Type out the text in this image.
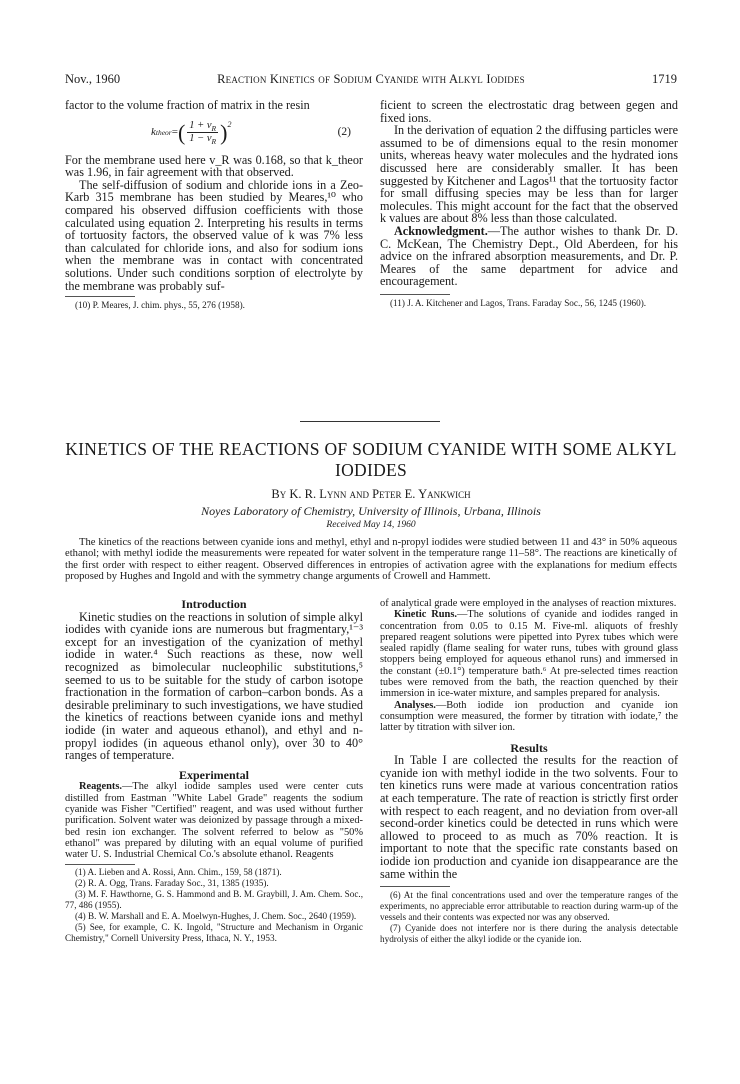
Nov., 1960	Reaction Kinetics of Sodium Cyanide with Alkyl Iodides	1719

factor to the volume fraction of matrix in the resin

k theor = ( $\frac{1 + v_R}{1 - v_R} )^2$
(2)

For the membrane used here v_R was 0.168, so that k_theor was 1.96, in fair agreement with that observed.

The self-diffusion of sodium and chloride ions in a Zeo-Karb 315 membrane has been studied by Meares,¹⁰ who compared his observed diffusion coefficients with those calculated using equation 2. Interpreting his results in terms of tortuosity factors, the observed value of k was 7% less than calculated for chloride ions, and also for sodium ions when the membrane was in contact with concentrated solutions. Under such conditions sorption of electrolyte by the membrane was probably suf-

(10) P. Meares, J. chim. phys., 55, 276 (1958).

ficient to screen the electrostatic drag between gegen and fixed ions.

In the derivation of equation 2 the diffusing particles were assumed to be of dimensions equal to the resin monomer units, whereas heavy water molecules and the hydrated ions discussed here are considerably smaller. It has been suggested by Kitchener and Lagos¹¹ that the tortuosity factor for small diffusing species may be less than for larger molecules. This might account for the fact that the observed k values are about 8% less than those calculated.

Acknowledgment.—The author wishes to thank Dr. D. C. McKean, The Chemistry Dept., Old Aberdeen, for his advice on the infrared absorption measurements, and Dr. P. Meares of the same department for advice and encouragement.

(11) J. A. Kitchener and Lagos, Trans. Faraday Soc., 56, 1245 (1960).

KINETICS OF THE REACTIONS OF SODIUM CYANIDE WITH SOME ALKYL IODIDES
By K. R. Lynn and Peter E. Yankwich
Noyes Laboratory of Chemistry, University of Illinois, Urbana, Illinois
Received May 14, 1960

The kinetics of the reactions between cyanide ions and methyl, ethyl and n-propyl iodides were studied between 11 and 43° in 50% aqueous ethanol; with methyl iodide the measurements were repeated for water solvent in the temperature range 11–58°. The reactions are kinetically of the first order with respect to either reagent. Observed differences in entropies of activation agree with the explanations for medium effects proposed by Hughes and Ingold and with the symmetry change arguments of Crowell and Hammett.

Introduction

Kinetic studies on the reactions in solution of simple alkyl iodides with cyanide ions are numerous but fragmentary,¹⁻³ except for an investigation of the cyanization of methyl iodide in water.⁴ Such reactions as these, now well recognized as bimolecular nucleophilic substitutions,⁵ seemed to us to be suitable for the study of carbon isotope fractionation in the formation of carbon–carbon bonds. As a desirable preliminary to such investigations, we have studied the kinetics of reactions between cyanide ions and methyl iodide (in water and aqueous ethanol), and ethyl and n-propyl iodides (in aqueous ethanol only), over 30 to 40° ranges of temperature.

Experimental

Reagents.—The alkyl iodide samples used were center cuts distilled from Eastman "White Label Grade" reagents the sodium cyanide was Fisher "Certified" reagent, and was used without further purification. Solvent water was deionized by passage through a mixed-bed resin ion exchanger. The solvent referred to below as "50% ethanol" was prepared by diluting with an equal volume of purified water U. S. Industrial Chemical Co.'s absolute ethanol. Reagents

(1) A. Lieben and A. Rossi, Ann. Chim., 159, 58 (1871).

(2) R. A. Ogg, Trans. Faraday Soc., 31, 1385 (1935).

(3) M. F. Hawthorne, G. S. Hammond and B. M. Graybill, J. Am. Chem. Soc., 77, 486 (1955).

(4) B. W. Marshall and E. A. Moelwyn-Hughes, J. Chem. Soc., 2640 (1959).

(5) See, for example, C. K. Ingold, "Structure and Mechanism in Organic Chemistry," Cornell University Press, Ithaca, N. Y., 1953.

of analytical grade were employed in the analyses of reaction mixtures.

Kinetic Runs.—The solutions of cyanide and iodides ranged in concentration from 0.05 to 0.15 M. Five-ml. aliquots of freshly prepared reagent solutions were pipetted into Pyrex tubes which were sealed rapidly (flame sealing for water runs, tubes with ground glass stoppers being employed for aqueous ethanol runs) and immersed in the constant (±0.1°) temperature bath.⁶ At pre-selected times reaction tubes were removed from the bath, the reaction quenched by their immersion in ice-water mixture, and samples prepared for analysis.

Analyses.—Both iodide ion production and cyanide ion consumption were measured, the former by titration with iodate,⁷ the latter by titration with silver ion.

Results

In Table I are collected the results for the reaction of cyanide ion with methyl iodide in the two solvents. Four to ten kinetics runs were made at various concentration ratios at each temperature. The rate of reaction is strictly first order with respect to each reagent, and no deviation from over-all second-order kinetics could be detected in runs which were allowed to proceed to as much as 70% reaction. It is important to note that the specific rate constants based on iodide ion production and cyanide ion disappearance are the same within the

(6) At the final concentrations used and over the temperature ranges of the experiments, no appreciable error attributable to reaction during warm-up of the vessels and their contents was expected nor was any observed.

(7) Cyanide does not interfere nor is there during the analysis detectable hydrolysis of either the alkyl iodide or the cyanide ion.
